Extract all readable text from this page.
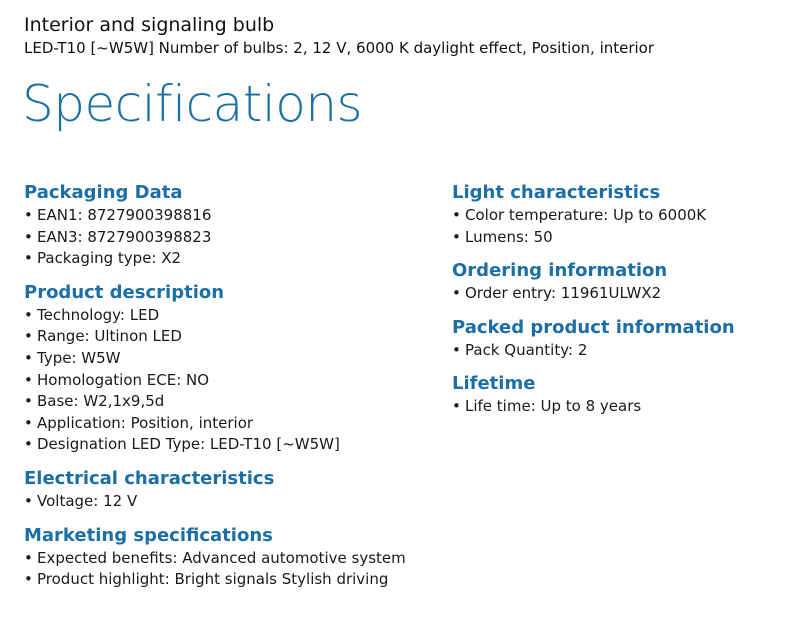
Interior and signaling bulb
LED-T10 [~W5W] Number of bulbs: 2, 12 V, 6000 K daylight effect, Position, interior
Specifications
Packaging Data
• EAN1: 8727900398816
• EAN3: 8727900398823
• Packaging type: X2
Product description
• Technology: LED
• Range: Ultinon LED
• Type: W5W
• Homologation ECE: NO
• Base: W2,1x9,5d
• Application: Position, interior
• Designation LED Type: LED-T10 [~W5W]
Electrical characteristics
• Voltage: 12 V
Marketing specifications
• Expected benefits: Advanced automotive system
• Product highlight: Bright signals Stylish driving
Light characteristics
• Color temperature: Up to 6000K
• Lumens: 50
Ordering information
• Order entry: 11961ULWX2
Packed product information
• Pack Quantity: 2
Lifetime
• Life time: Up to 8 years
